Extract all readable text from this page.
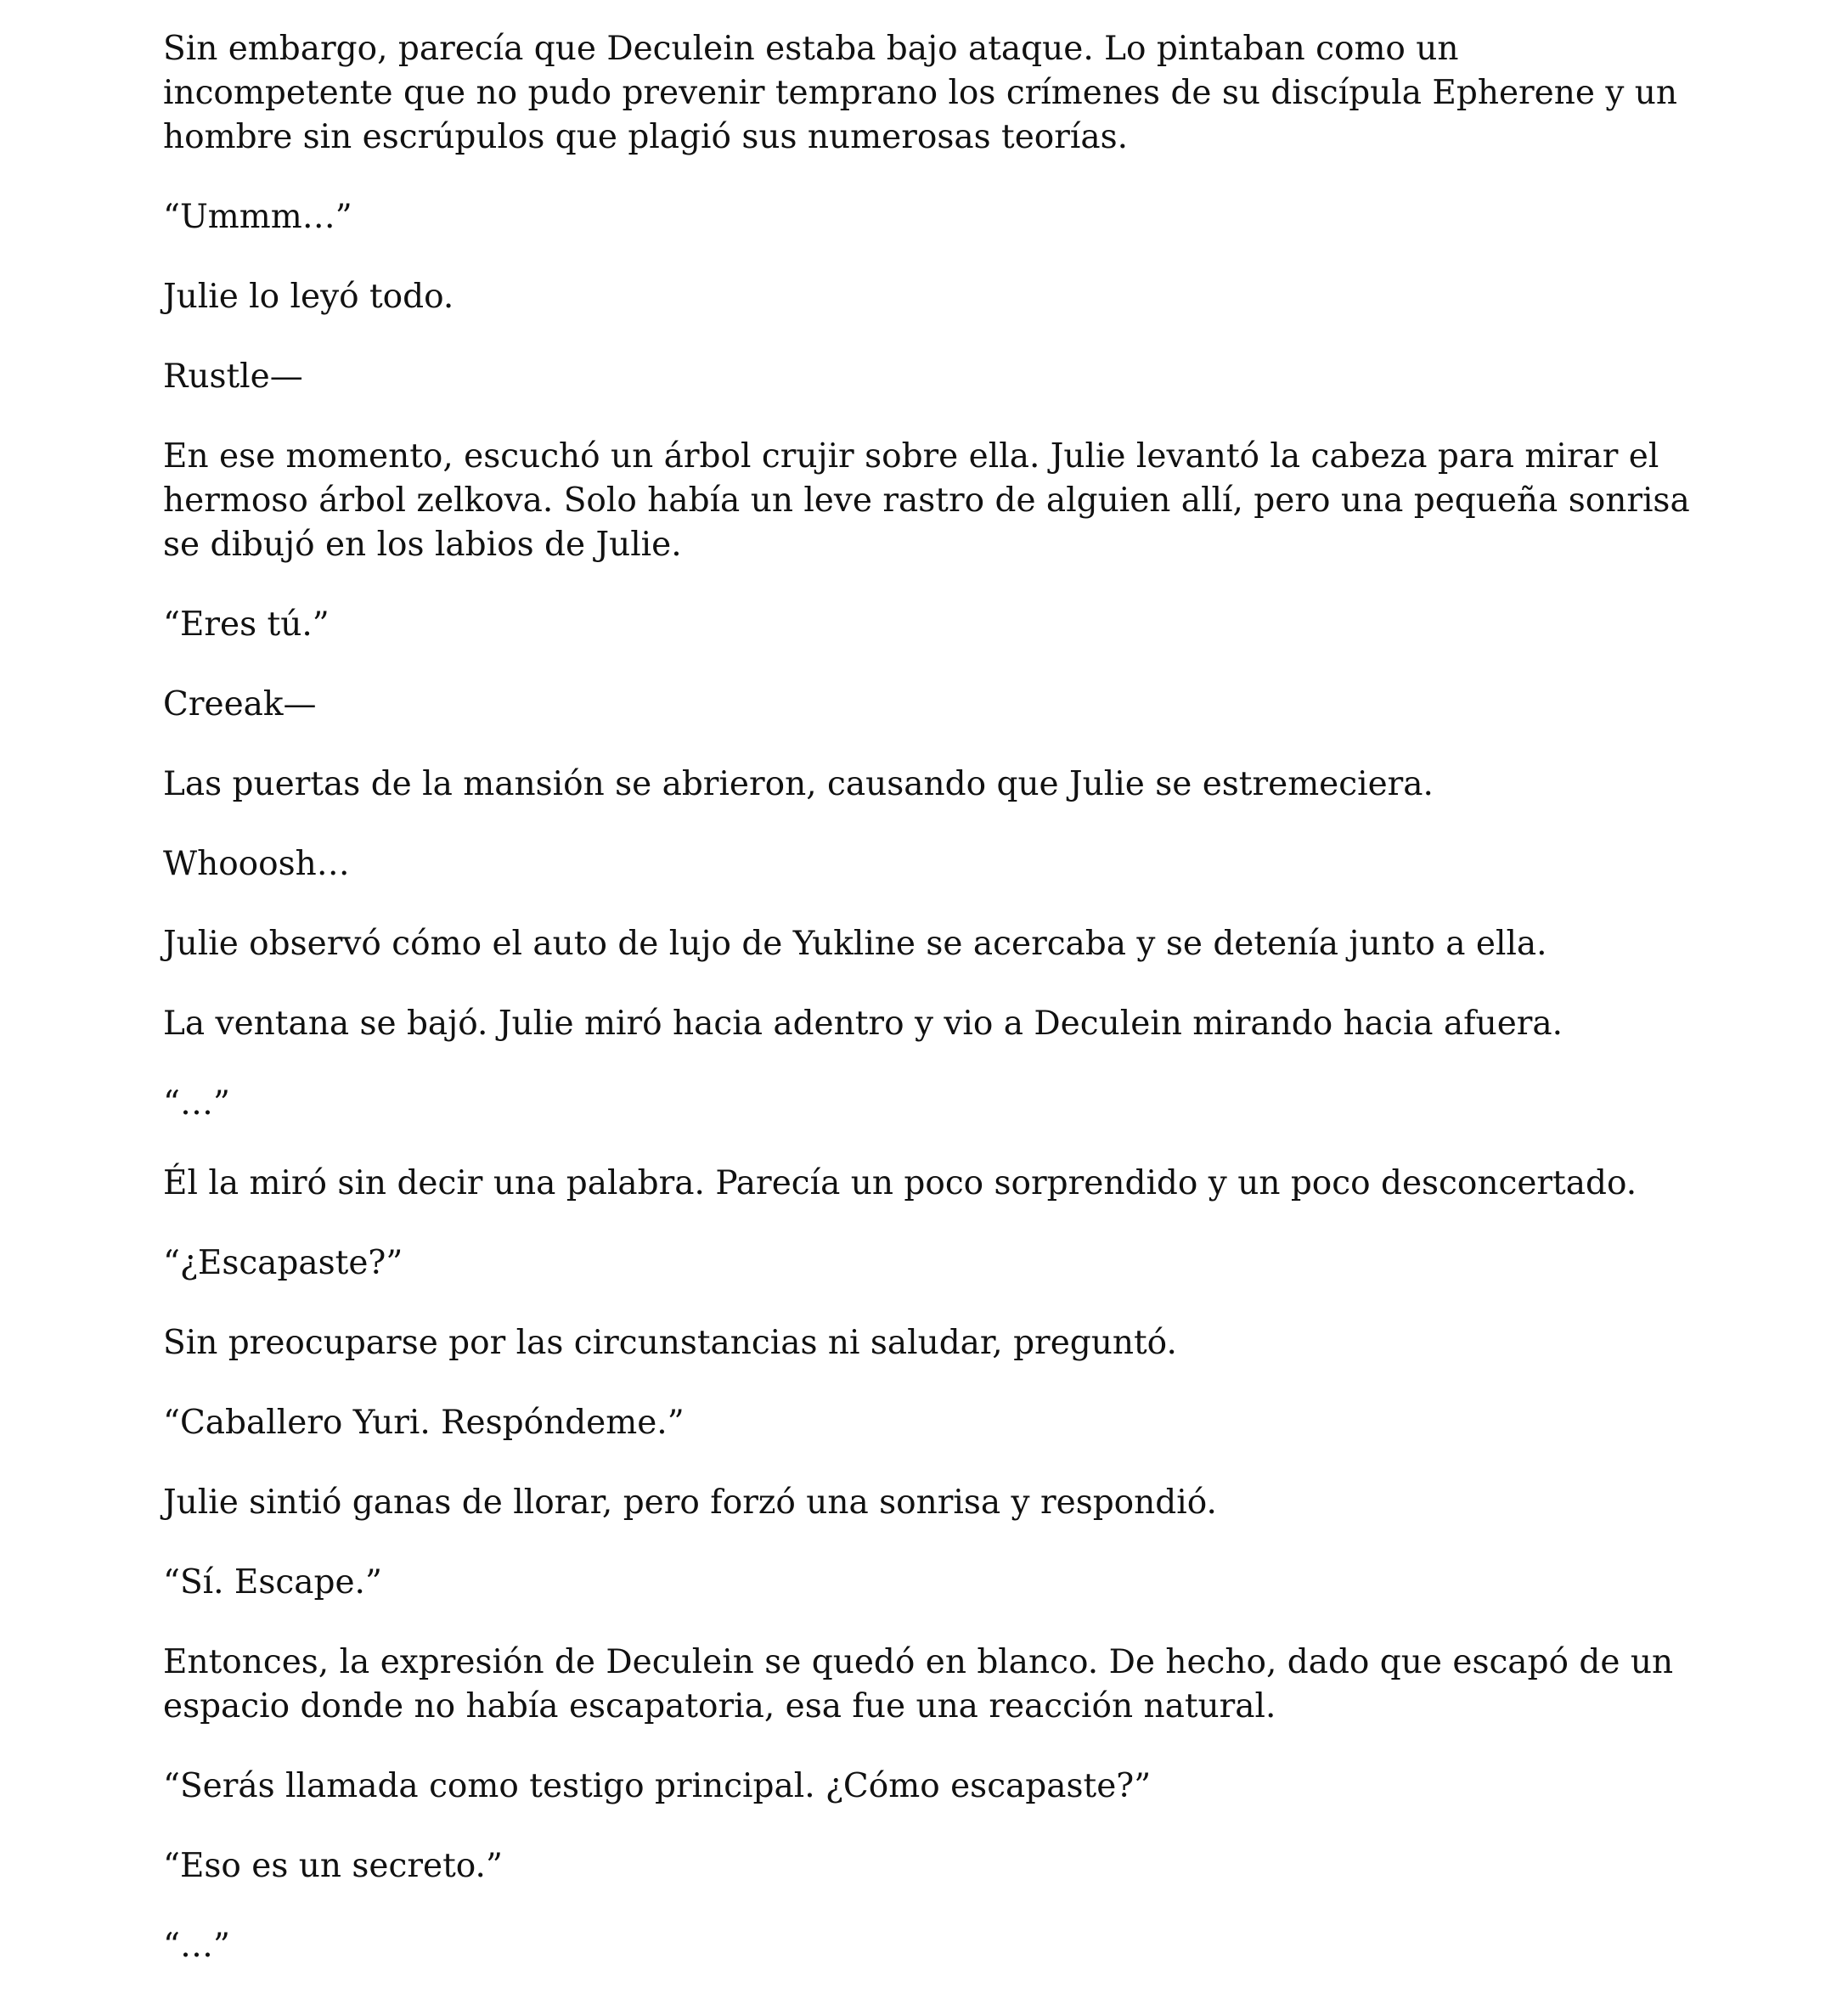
Sin embargo, parecía que Deculein estaba bajo ataque. Lo pintaban como un incompetente que no pudo prevenir temprano los crímenes de su discípula Epherene y un hombre sin escrúpulos que plagió sus numerosas teorías.

“Ummm…”

Julie lo leyó todo.

Rustle—

En ese momento, escuchó un árbol crujir sobre ella. Julie levantó la cabeza para mirar el hermoso árbol zelkova. Solo había un leve rastro de alguien allí, pero una pequeña sonrisa se dibujó en los labios de Julie.

“Eres tú.”

Creeak—

Las puertas de la mansión se abrieron, causando que Julie se estremeciera.

Whooosh…

Julie observó cómo el auto de lujo de Yukline se acercaba y se detenía junto a ella.

La ventana se bajó. Julie miró hacia adentro y vio a Deculein mirando hacia afuera.

“…”

Él la miró sin decir una palabra. Parecía un poco sorprendido y un poco desconcertado.

“¿Escapaste?”

Sin preocuparse por las circunstancias ni saludar, preguntó.

“Caballero Yuri. Respóndeme.”

Julie sintió ganas de llorar, pero forzó una sonrisa y respondió.

“Sí. Escape.”

Entonces, la expresión de Deculein se quedó en blanco. De hecho, dado que escapó de un espacio donde no había escapatoria, esa fue una reacción natural.

“Serás llamada como testigo principal. ¿Cómo escapaste?”

“Eso es un secreto.”

“…”
